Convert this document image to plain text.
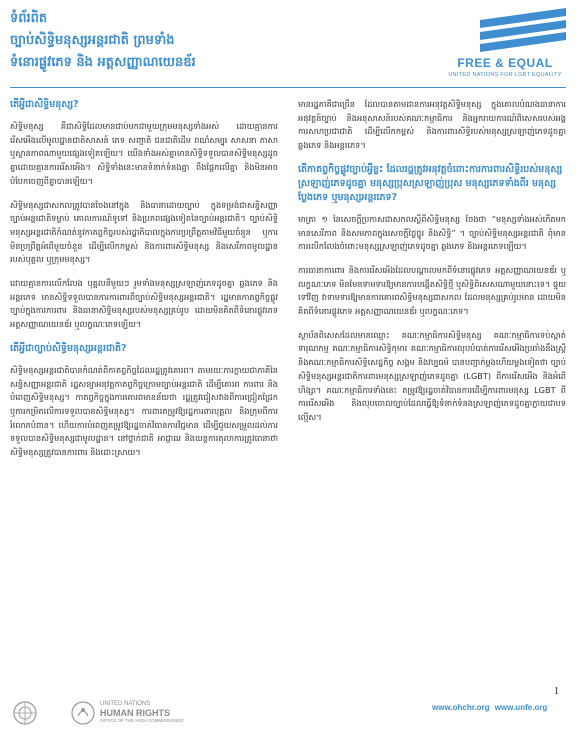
ទំព័រពិត
ច្បាប់សិទ្ធិមនុស្សអន្តរជាតិ ព្រមទាំង
ទំនោរផ្លូវភេទ និង អត្តសញ្ញាណយេនឌ័រ	FREE & EQUAL
UNITED NATIONS FOR LGBT EQUALITY
តើអ្វីជាសិទ្ធិមនុស្ស?

សិទ្ធិមនុស្ស គឺជាសិទ្ធិដែលមានជាប់មកជាមួយក្រុមមនុស្សទាំងអស់ ដោយគ្មានការរើសអើងលើមូលដ្ឋានជាតិសាសន៍ ភេទ សញ្ជាតិ ជនជាតិដើម ពណ៌សម្បុរ សាសនា ភាសា ឬស្ថានភាពណាមួយផ្សេងទៀតឡើយ។ យើងទាំងអស់គ្នាមានសិទ្ធិទទួលបានសិទ្ធិមនុស្សដូចគ្នាដោយគ្មានការរើសអើង។ សិទ្ធិទាំងនេះមានទំនាក់ទំនងគ្នា ពឹងផ្អែកលើគ្នា និងមិនអាចបំបែកចេញពីគ្នាបានឡើយ។

សិទ្ធិមនុស្សជាសកលត្រូវបានចែងនៅក្នុង និងធានាដោយច្បាប់ ក្នុងទម្រង់ជាសន្ធិសញ្ញា ច្បាប់អន្តរជាតិទម្លាប់ គោលការណ៍ទូទៅ និងប្រភពផ្សេងទៀតនៃច្បាប់អន្តរជាតិ។ ច្បាប់សិទ្ធិមនុស្សអន្តរជាតិកំណត់នូវកាតព្វកិច្ចរបស់រដ្ឋាភិបាលក្នុងការប្រព្រឹត្តតាមវិធីមួយចំនួន ឬការមិនប្រព្រឹត្តអំពើមួយចំនួន ដើម្បីលើកកម្ពស់ និងការពារសិទ្ធិមនុស្ស និងសេរីភាពមូលដ្ឋានរបស់បុគ្គល ឬក្រុមមនុស្ស។

ដោយគ្មានការលើកលែង បុគ្គលនីមួយៗ រួមទាំងមនុស្សស្រឡាញ់ភេទដូចគ្នា ឆ្លងភេទ និងអន្តរភេទ មានសិទ្ធិទទួលបានការការពារពីច្បាប់សិទ្ធិមនុស្សអន្តរជាតិ។ រដ្ឋមានកាតព្វកិច្ចផ្លូវច្បាប់ក្នុងការការពារ និងធានាសិទ្ធិមនុស្សរបស់មនុស្សគ្រប់រូប ដោយមិនគិតពីទំនោរផ្លូវភេទ អត្តសញ្ញាណយេនឌ័រ ឬលក្ខណៈភេទឡើយ។

តើអ្វីជាច្បាប់សិទ្ធិមនុស្សអន្តរជាតិ?

សិទ្ធិមនុស្សអន្តរជាតិបានកំណត់ពីកាតព្វកិច្ចដែលរដ្ឋត្រូវគោរព។ តាមរយៈការក្លាយជាភាគីនៃសន្ធិសញ្ញាអន្តរជាតិ រដ្ឋសន្យាអនុវត្តកាតព្វកិច្ចក្រោមច្បាប់អន្តរជាតិ ដើម្បីគោរព ការពារ និងបំពេញសិទ្ធិមនុស្ស។ កាតព្វកិច្ចក្នុងការគោរពមានន័យថា រដ្ឋត្រូវជៀសវាងពីការជ្រៀតជ្រែក ឬការកម្រិតលើការទទួលបានសិទ្ធិមនុស្ស។ ការពារតម្រូវឱ្យរដ្ឋការពារបុគ្គល និងក្រុមពីការរំលោភបំពាន។ ហើយការបំពេញតម្រូវឱ្យរដ្ឋចាត់វិធានការវិជ្ជមាន ដើម្បីជួយសម្រួលដល់ការទទួលបានសិទ្ធិមនុស្សជាមូលដ្ឋាន។ នៅថ្នាក់ជាតិ អាជ្ញាធរ និងយន្តការតុលាការត្រូវធានាថា សិទ្ធិមនុស្សត្រូវបានការពារ និងដោះស្រាយ។

មានរដ្ឋភាគីជាច្រើន ដែលបានតាមដានការអនុវត្តសិទ្ធិមនុស្ស ក្នុងគោលបំណងធានាការអនុវត្តន៍ច្បាប់ និងអនុសាសន៍របស់គណៈកម្មាធិការ និងអ្នករាយការណ៍ពិសេសរបស់អង្គការសហប្រជាជាតិ ដើម្បីលើកកម្ពស់ និងការពារសិទ្ធិរបស់មនុស្សស្រឡាញ់ភេទដូចគ្នា ឆ្លងភេទ និងអន្តរភេទ។

តើកាតព្វកិច្ចផ្លូវច្បាប់អ្វីខ្លះ ដែលរដ្ឋត្រូវអនុវត្តចំពោះការការពារសិទ្ធិរបស់មនុស្សស្រឡាញ់ភេទដូចគ្នា មនុស្សប្រុសស្រឡាញ់ប្រុស មនុស្សភេទទាំងពីរ មនុស្សប្លែងភេទ ឬមនុស្សអន្តរភេទ?

មាត្រា ១ នៃសេចក្តីប្រកាសជាសកលស្តីពីសិទ្ធិមនុស្ស ចែងថា “មនុស្សទាំងអស់កើតមកមានសេរីភាព និងសមភាពក្នុងសេចក្តីថ្លៃថ្នូរ និងសិទ្ធិ” ។ ច្បាប់សិទ្ធិមនុស្សអន្តរជាតិ ពុំមានការលើកលែងចំពោះមនុស្សស្រឡាញ់ភេទដូចគ្នា ឆ្លងភេទ និងអន្តរភេទឡើយ។

ការធានាការពារ និងការរើសអើងដែលបណ្តាលមកពីទំនោរផ្លូវភេទ អត្តសញ្ញាណយេនឌ័រ ឬលក្ខណៈភេទ មិនមែនទាមទារឱ្យមានការបង្កើតសិទ្ធិថ្មី ឬសិទ្ធិពិសេសណាមួយនោះទេ។ ផ្ទុយទៅវិញ វាទាមទារឱ្យមានការគោរពសិទ្ធិមនុស្សជាសកល ដែលមនុស្សគ្រប់រូបមាន ដោយមិនគិតពីទំនោរផ្លូវភេទ អត្តសញ្ញាណយេនឌ័រ ឬលក្ខណៈភេទ។

ស្ថាប័នពិសេសដែលមានឈ្មោះ គណៈកម្មាធិការសិទ្ធិមនុស្ស គណៈកម្មាធិការទប់ស្កាត់ទារុណកម្ម គណៈកម្មាធិការសិទ្ធិកុមារ គណៈកម្មាធិការលុបបំបាត់ការរើសអើងប្រឆាំងនឹងស្ត្រី និងគណៈកម្មាធិការសិទ្ធិសេដ្ឋកិច្ច សង្គម និងវប្បធម៌ បានបញ្ជាក់ម្តងហើយម្តងទៀតថា ច្បាប់សិទ្ធិមនុស្សអន្តរជាតិការពារមនុស្សស្រឡាញ់ភេទដូចគ្នា (LGBT) ពីការរើសអើង និងអំពើហិង្សា។ គណៈកម្មាធិការទាំងនេះ តម្រូវឱ្យរដ្ឋចាត់វិធានការដើម្បីការពារមនុស្ស LGBT ពីការរើសអើង និងលុបចោលច្បាប់ដែលធ្វើឱ្យទំនាក់ទំនងស្រឡាញ់ភេទដូចគ្នាក្លាយជាបទល្មើស។

1
www.ohchr.org www.unfe.org
UNITED NATIONS
HUMAN RIGHTS
OFFICE OF THE HIGH COMMISSIONER
